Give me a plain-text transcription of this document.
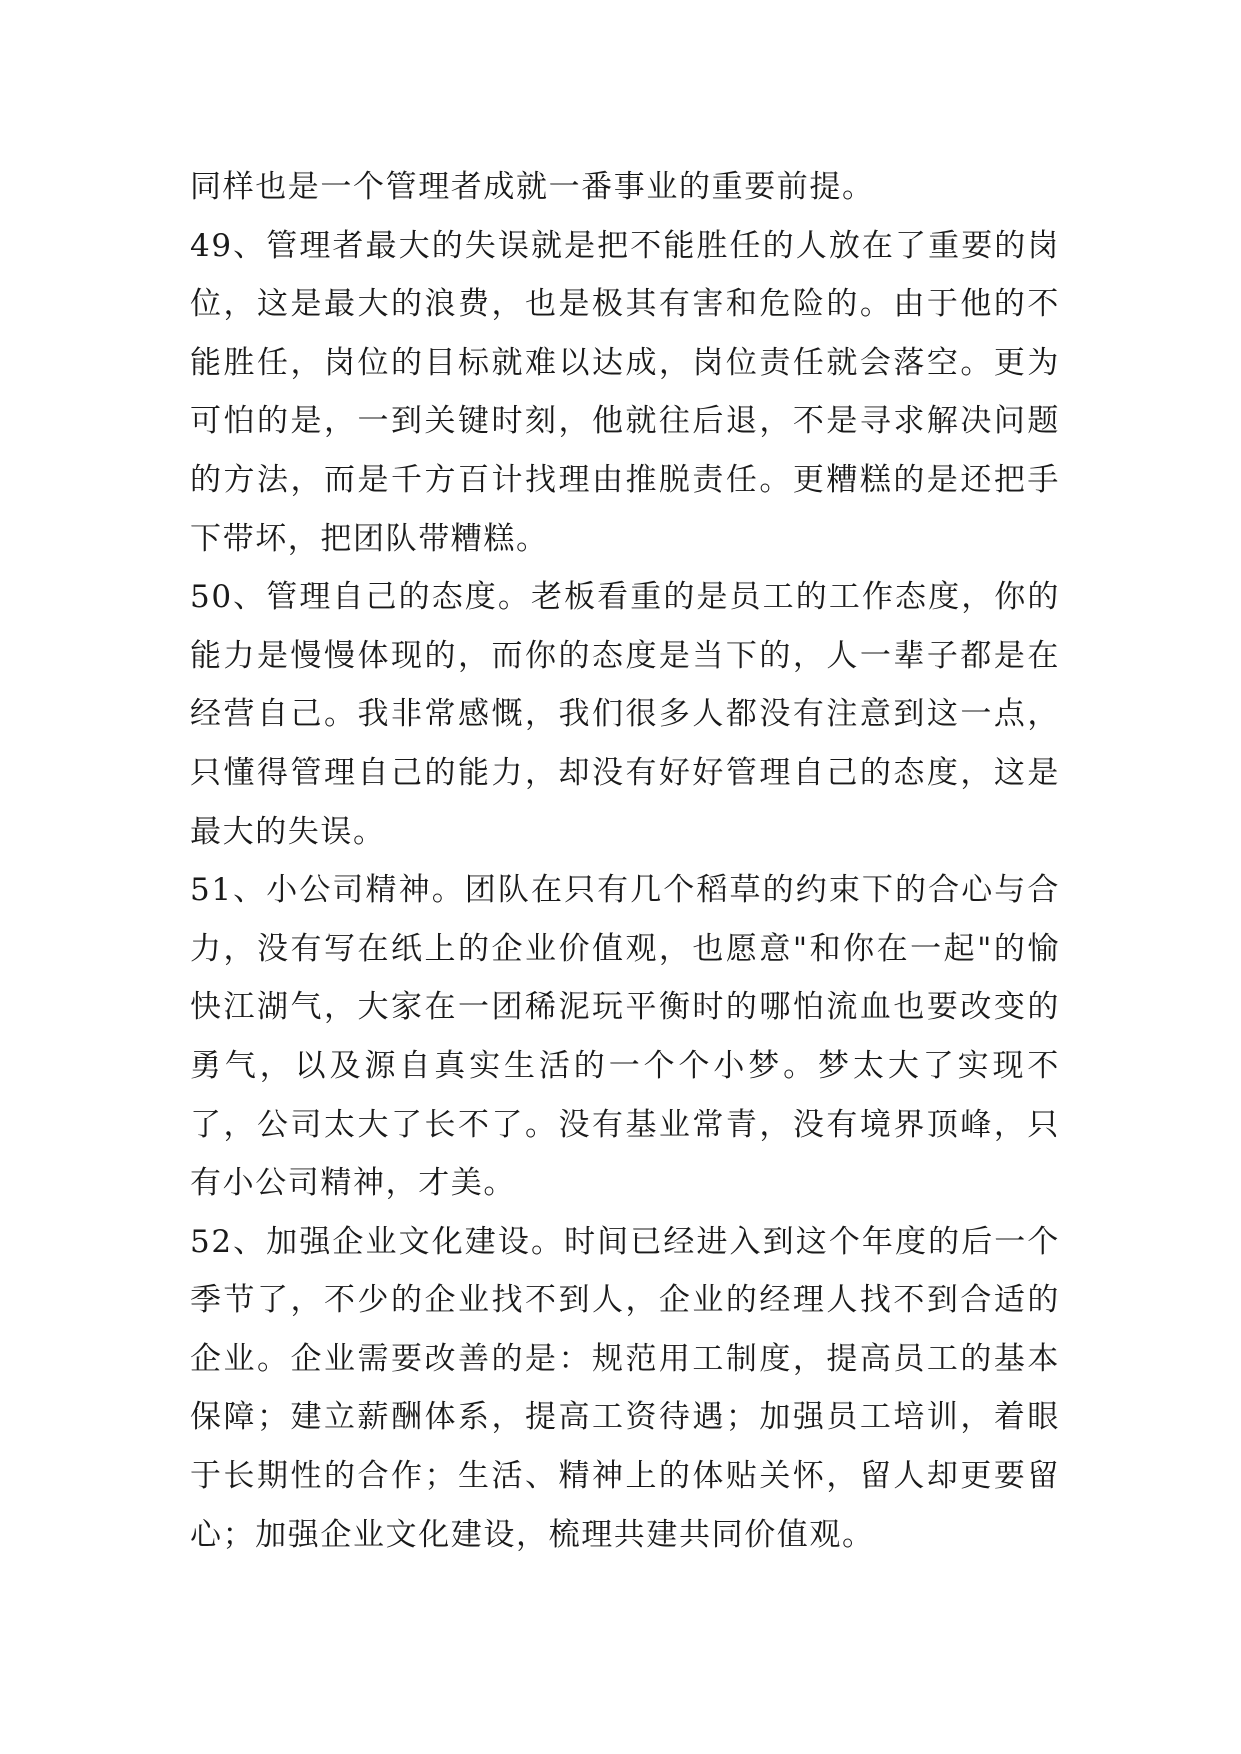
同样也是一个管理者成就一番事业的重要前提。

49、管理者最大的失误就是把不能胜任的人放在了重要的岗位，这是最大的浪费，也是极其有害和危险的。由于他的不能胜任，岗位的目标就难以达成，岗位责任就会落空。更为可怕的是，一到关键时刻，他就往后退，不是寻求解决问题的方法，而是千方百计找理由推脱责任。更糟糕的是还把手下带坏，把团队带糟糕。

50、管理自己的态度。老板看重的是员工的工作态度，你的能力是慢慢体现的，而你的态度是当下的，人一辈子都是在经营自己。我非常感慨，我们很多人都没有注意到这一点，只懂得管理自己的能力，却没有好好管理自己的态度，这是最大的失误。

51、小公司精神。团队在只有几个稻草的约束下的合心与合力，没有写在纸上的企业价值观，也愿意"和你在一起"的愉快江湖气，大家在一团稀泥玩平衡时的哪怕流血也要改变的勇气，以及源自真实生活的一个个小梦。梦太大了实现不了，公司太大了长不了。没有基业常青，没有境界顶峰，只有小公司精神，才美。

52、加强企业文化建设。时间已经进入到这个年度的后一个季节了，不少的企业找不到人，企业的经理人找不到合适的企业。企业需要改善的是：规范用工制度，提高员工的基本保障；建立薪酬体系，提高工资待遇；加强员工培训，着眼于长期性的合作；生活、精神上的体贴关怀，留人却更要留心；加强企业文化建设，梳理共建共同价值观。
